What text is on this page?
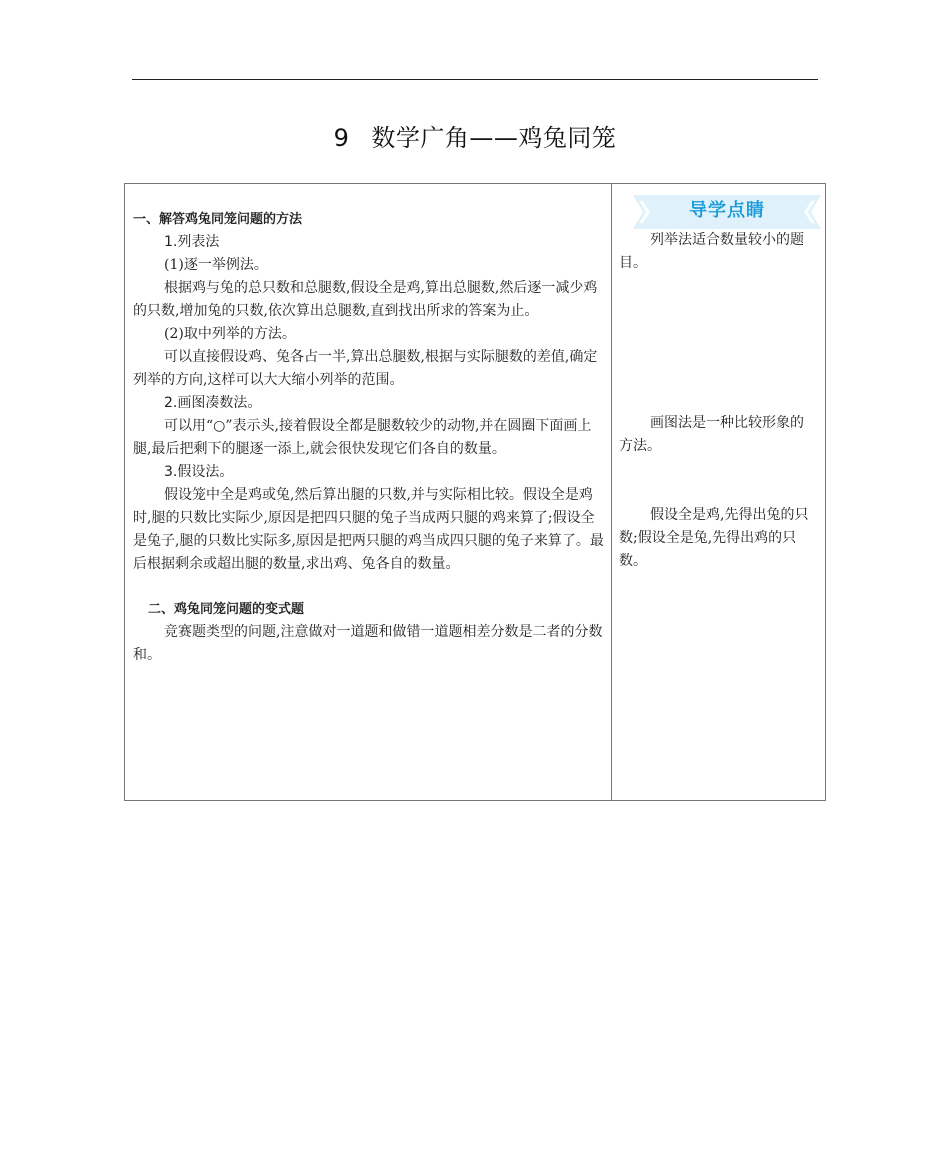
9 数学广角——鸡兔同笼

一、解答鸡兔同笼问题的方法

1.列表法

(1)逐一举例法。

根据鸡与兔的总只数和总腿数,假设全是鸡,算出总腿数,然后逐一减少鸡的只数,增加兔的只数,依次算出总腿数,直到找出所求的答案为止。

(2)取中列举的方法。

可以直接假设鸡、兔各占一半,算出总腿数,根据与实际腿数的差值,确定列举的方向,这样可以大大缩小列举的范围。

2.画图凑数法。

可以用“○”表示头,接着假设全都是腿数较少的动物,并在圆圈下面画上腿,最后把剩下的腿逐一添上,就会很快发现它们各自的数量。

3.假设法。

假设笼中全是鸡或兔,然后算出腿的只数,并与实际相比较。假设全是鸡时,腿的只数比实际少,原因是把四只腿的兔子当成两只腿的鸡来算了;假设全是兔子,腿的只数比实际多,原因是把两只腿的鸡当成四只腿的兔子来算了。最后根据剩余或超出腿的数量,求出鸡、兔各自的数量。

二、鸡兔同笼问题的变式题

竞赛题类型的问题,注意做对一道题和做错一道题相差分数是二者的分数和。

导学点睛

列举法适合数量较小的题目。

画图法是一种比较形象的方法。

假设全是鸡,先得出兔的只数;假设全是兔,先得出鸡的只数。
